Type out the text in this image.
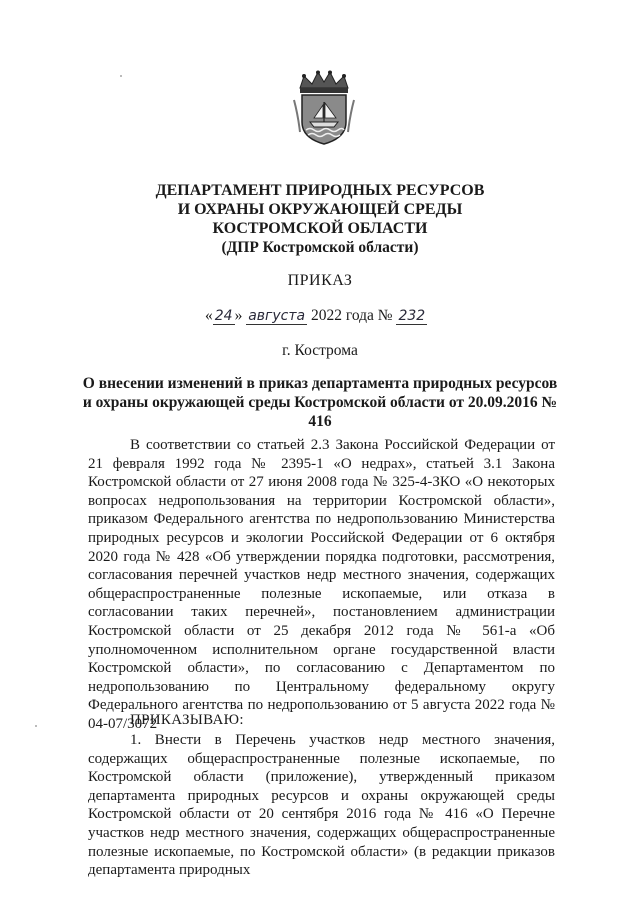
ДЕПАРТАМЕНТ ПРИРОДНЫХ РЕСУРСОВ
И ОХРАНЫ ОКРУЖАЮЩЕЙ СРЕДЫ
КОСТРОМСКОЙ ОБЛАСТИ
(ДПР Костромской области)
ПРИКАЗ
« 24 » августа 2022 года № 232
г. Кострома
О внесении изменений в приказ департамента природных ресурсов и охраны окружающей среды Костромской области от 20.09.2016 № 416

В соответствии со статьей 2.3 Закона Российской Федерации от 21 февраля 1992 года № 2395-1 «О недрах», статьей 3.1 Закона Костромской области от 27 июня 2008 года № 325-4-ЗКО «О некоторых вопросах недропользования на территории Костромской области», приказом Федерального агентства по недропользованию Министерства природных ресурсов и экологии Российской Федерации от 6 октября 2020 года № 428 «Об утверждении порядка подготовки, рассмотрения, согласования перечней участков недр местного значения, содержащих общераспространенные полезные ископаемые, или отказа в согласовании таких перечней», постановлением администрации Костромской области от 25 декабря 2012 года № 561-а «Об уполномоченном исполнительном органе государственной власти Костромской области», по согласованию с Департаментом по недропользованию по Центральному федеральному округу Федерального агентства по недропользованию от 5 августа 2022 года № 04-07/3072

ПРИКАЗЫВАЮ:

1. Внести в Перечень участков недр местного значения, содержащих общераспространенные полезные ископаемые, по Костромской области (приложение), утвержденный приказом департамента природных ресурсов и охраны окружающей среды Костромской области от 20 сентября 2016 года № 416 «О Перечне участков недр местного значения, содержащих общераспространенные полезные ископаемые, по Костромской области» (в редакции приказов департамента природных
